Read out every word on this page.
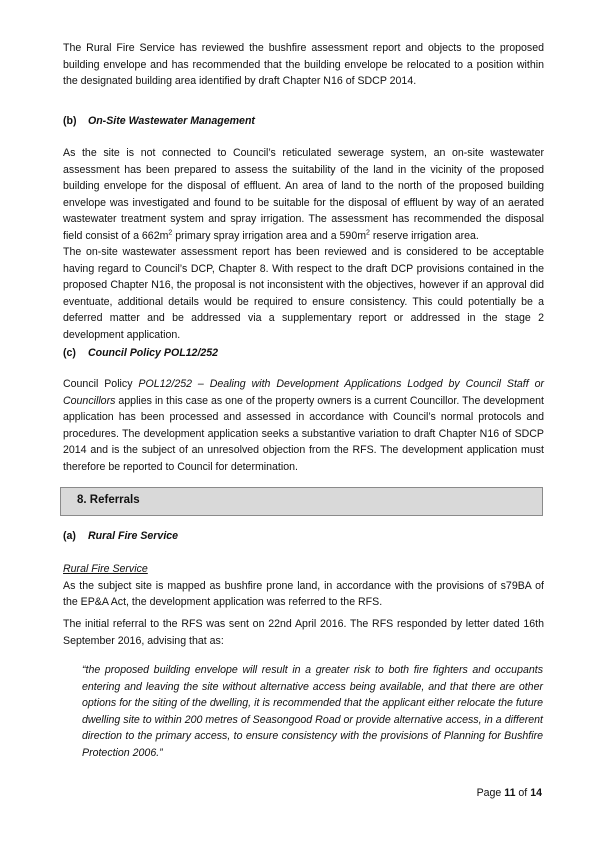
The Rural Fire Service has reviewed the bushfire assessment report and objects to the proposed building envelope and has recommended that the building envelope be relocated to a position within the designated building area identified by draft Chapter N16 of SDCP 2014.

(b) On-Site Wastewater Management

As the site is not connected to Council’s reticulated sewerage system, an on-site wastewater assessment has been prepared to assess the suitability of the land in the vicinity of the proposed building envelope for the disposal of effluent. An area of land to the north of the proposed building envelope was investigated and found to be suitable for the disposal of effluent by way of an aerated wastewater treatment system and spray irrigation. The assessment has recommended the disposal field consist of a $662m^2$ primary spray irrigation area and a $590m^2$ reserve irrigation area.

The on-site wastewater assessment report has been reviewed and is considered to be acceptable having regard to Council’s DCP, Chapter 8. With respect to the draft DCP provisions contained in the proposed Chapter N16, the proposal is not inconsistent with the objectives, however if an approval did eventuate, additional details would be required to ensure consistency. This could potentially be a deferred matter and be addressed via a supplementary report or addressed in the stage 2 development application.

(c) Council Policy POL12/252

Council Policy POL12/252 – Dealing with Development Applications Lodged by Council Staff or Councillors applies in this case as one of the property owners is a current Councillor. The development application has been processed and assessed in accordance with Council’s normal protocols and procedures. The development application seeks a substantive variation to draft Chapter N16 of SDCP 2014 and is the subject of an unresolved objection from the RFS. The development application must therefore be reported to Council for determination.

8. Referrals
(a) Rural Fire Service

Rural Fire Service
As the subject site is mapped as bushfire prone land, in accordance with the provisions of s79BA of the EP&A Act, the development application was referred to the RFS.

The initial referral to the RFS was sent on 22nd April 2016. The RFS responded by letter dated 16th September 2016, advising that as:

“the proposed building envelope will result in a greater risk to both fire fighters and occupants entering and leaving the site without alternative access being available, and that there are other options for the siting of the dwelling, it is recommended that the applicant either relocate the future dwelling site to within 200 metres of Seasongood Road or provide alternative access, in a different direction to the primary access, to ensure consistency with the provisions of Planning for Bushfire Protection 2006.”

Page 11 of 14
